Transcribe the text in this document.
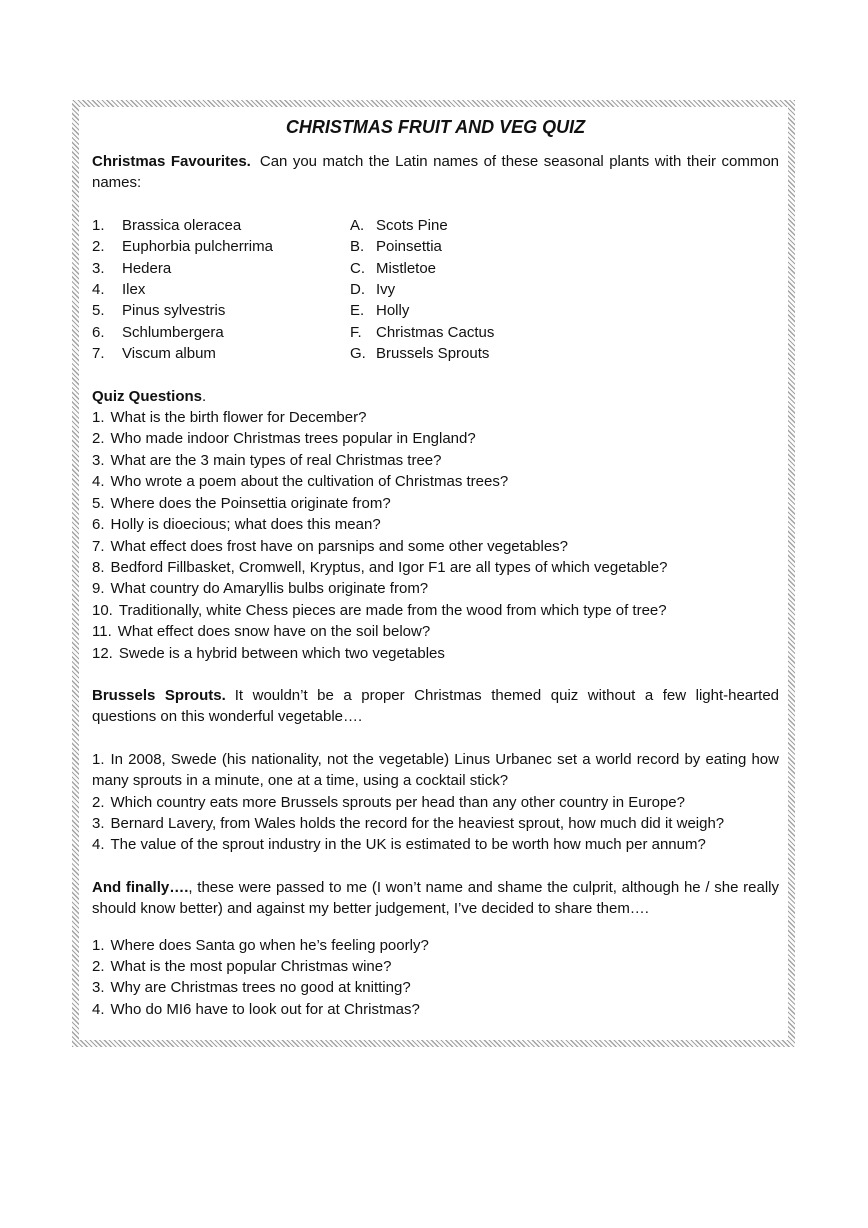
CHRISTMAS FRUIT AND VEG QUIZ

Christmas Favourites. Can you match the Latin names of these seasonal plants with their common names:

1.	Brassica oleracea	A. Scots Pine
2.	Euphorbia pulcherrima	B. Poinsettia
3.	Hedera	C. Mistletoe
4.	Ilex	D. Ivy
5.	Pinus sylvestris	E. Holly
6.	Schlumbergera	F. Christmas Cactus
7.	Viscum album	G. Brussels Sprouts

Quiz Questions.

1. What is the birth flower for December?

2. Who made indoor Christmas trees popular in England?

3. What are the 3 main types of real Christmas tree?

4. Who wrote a poem about the cultivation of Christmas trees?

5. Where does the Poinsettia originate from?

6. Holly is dioecious; what does this mean?

7. What effect does frost have on parsnips and some other vegetables?

8. Bedford Fillbasket, Cromwell, Kryptus, and Igor F1 are all types of which vegetable?

9. What country do Amaryllis bulbs originate from?

10. Traditionally, white Chess pieces are made from the wood from which type of tree?

11. What effect does snow have on the soil below?

12. Swede is a hybrid between which two vegetables

Brussels Sprouts. It wouldn’t be a proper Christmas themed quiz without a few light-hearted questions on this wonderful vegetable….

1. In 2008, Swede (his nationality, not the vegetable) Linus Urbanec set a world record by eating how many sprouts in a minute, one at a time, using a cocktail stick?

2. Which country eats more Brussels sprouts per head than any other country in Europe?

3. Bernard Lavery, from Wales holds the record for the heaviest sprout, how much did it weigh?

4. The value of the sprout industry in the UK is estimated to be worth how much per annum?

And finally…., these were passed to me (I won’t name and shame the culprit, although he / she really should know better) and against my better judgement, I’ve decided to share them….

1. Where does Santa go when he’s feeling poorly?

2. What is the most popular Christmas wine?

3. Why are Christmas trees no good at knitting?

4. Who do MI6 have to look out for at Christmas?
